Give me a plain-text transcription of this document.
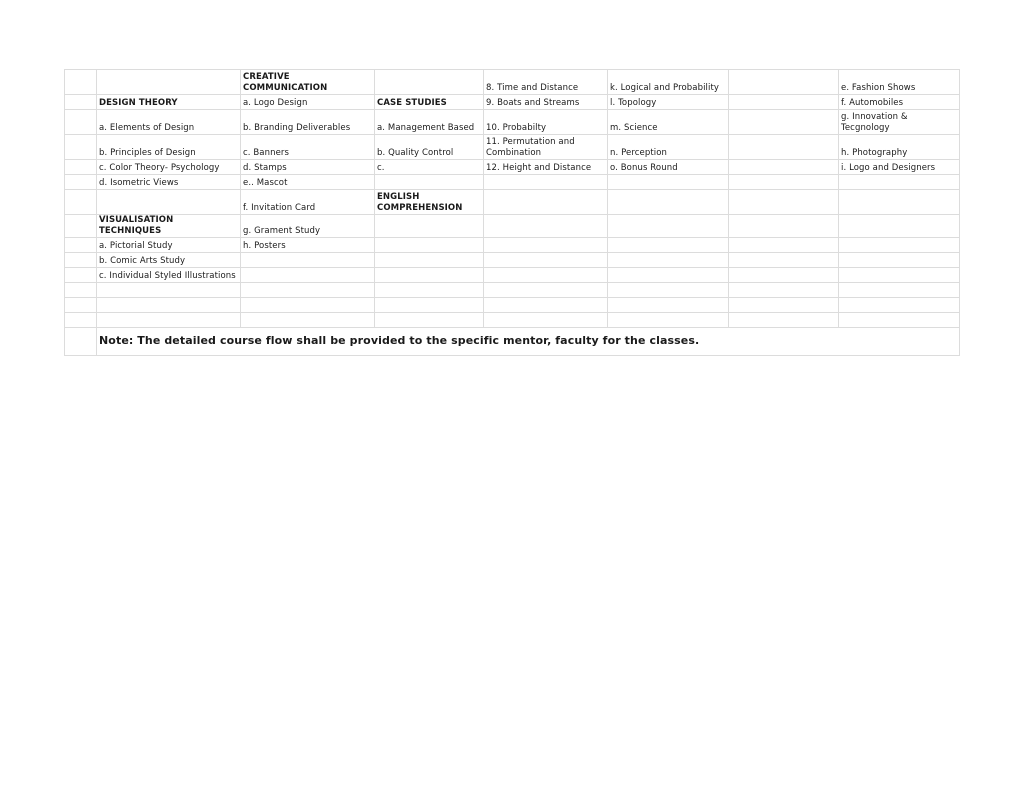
		CREATIVE COMMUNICATION		8. Time and Distance	k. Logical and Probability		e. Fashion Shows
	DESIGN THEORY	a. Logo Design	CASE STUDIES	9. Boats and Streams	l. Topology		f. Automobiles
	a. Elements of Design	b. Branding Deliverables	a. Management Based	10. Probabilty	m. Science		g. Innovation & Tecgnology
	b. Principles of Design	c. Banners	b. Quality Control	11. Permutation and Combination	n. Perception		h. Photography
	c. Color Theory- Psychology	d. Stamps	c.	12. Height and Distance	o. Bonus Round		i. Logo and Designers
	d. Isometric Views	e.. Mascot					
		f. Invitation Card	ENGLISH COMPREHENSION				
	VISUALISATION TECHNIQUES	g. Grament Study					
	a. Pictorial Study	h. Posters					
	b. Comic Arts Study						
	c. Individual Styled Illustrations						

	Note: The detailed course flow shall be provided to the specific mentor, faculty for the classes.						
